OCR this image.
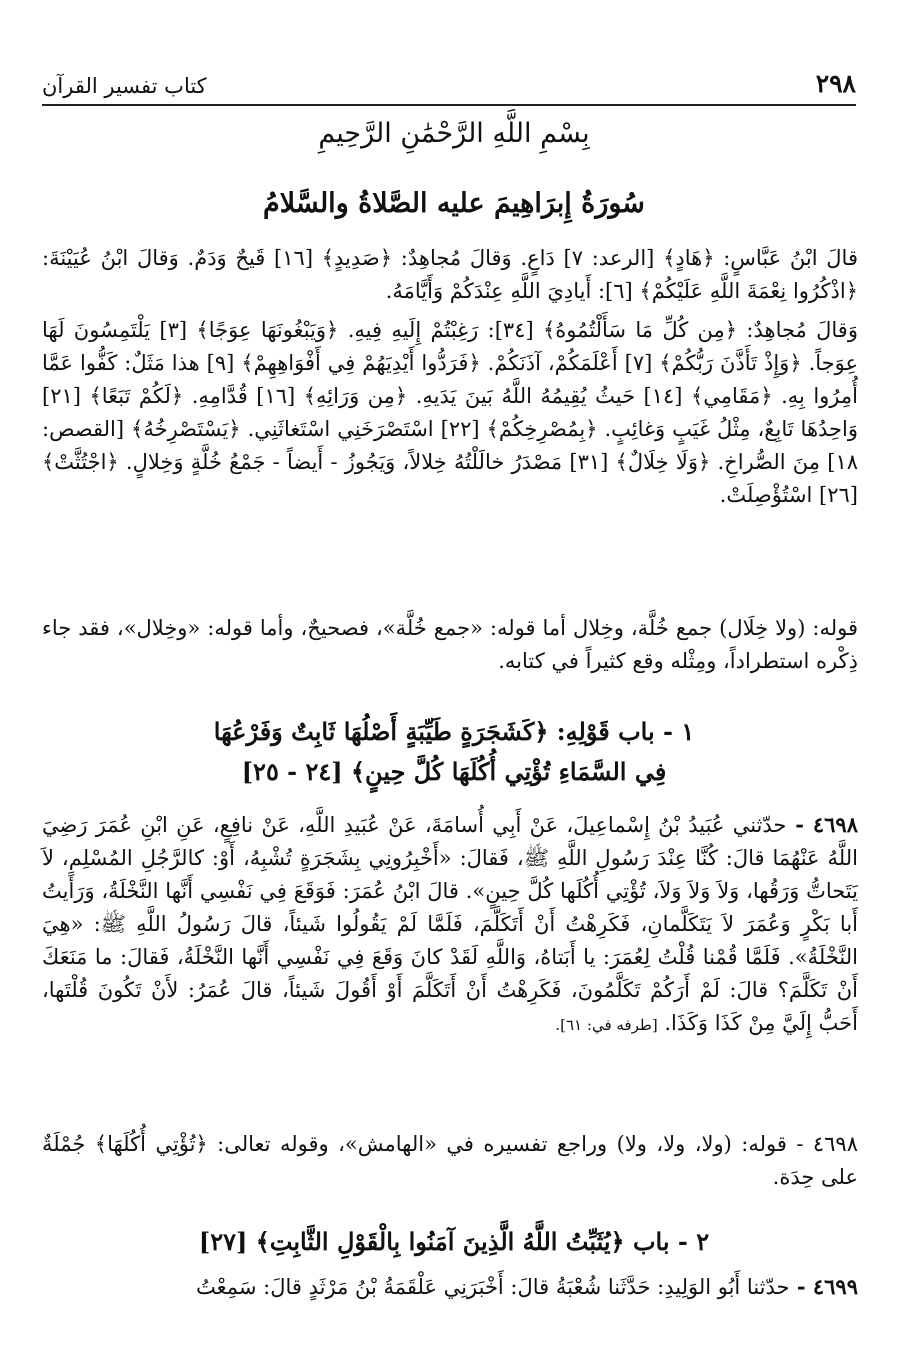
٢٩٨
كتاب تفسير القرآن
بِسْمِ اللَّهِ الرَّحْمَٰنِ الرَّحِيمِ
سُورَةُ إِبرَاهِيمَ عليه الصَّلاةُ والسَّلامُ

قالَ ابْنُ عَبَّاسٍ: ﴿هَادٍ﴾ [الرعد: ٧] دَاعٍ. وَقالَ مُجاهِدٌ: ﴿صَدِيدٍ﴾ [١٦] قَيحٌ وَدَمٌ. وَقالَ ابْنُ عُيَيْنَةَ: ﴿اذْكُرُوا نِعْمَةَ اللَّهِ عَلَيْكُمْ﴾ [٦]: أَيادِيَ اللَّهِ عِنْدَكُمْ وَأَيَّامَهُ.

وَقالَ مُجاهِدٌ: ﴿مِن كُلِّ مَا سَأَلْتُمُوهُ﴾ [٣٤]: رَغِبْتُمْ إِلَيهِ فِيهِ. ﴿وَيَبْغُونَهَا عِوَجًا﴾ [٣] يَلْتَمِسُونَ لَهَا عِوَجاً. ﴿وَإِذْ تَأَذَّنَ رَبُّكُمْ﴾ [٧] أَعْلَمَكُمْ، آذَنَكُمْ. ﴿فَرَدُّوا أَيْدِيَهُمْ فِي أَفْوَاهِهِمْ﴾ [٩] هذا مَثَلٌ: كَفُّوا عَمَّا أُمِرُوا بِهِ. ﴿مَقَامِي﴾ [١٤] حَيثُ يُقِيمُهُ اللَّهُ بَينَ يَدَيهِ. ﴿مِن وَرَائِهِ﴾ [١٦] قُدَّامِهِ. ﴿لَكُمْ تَبَعًا﴾ [٢١] وَاحِدُهَا تَابِعٌ، مِثْلُ غَيَبٍ وَغائِبٍ. ﴿بِمُصْرِخِكُمْ﴾ [٢٢] اسْتَصْرَخَنِي اسْتَغاثَنِي. ﴿يَسْتَصْرِخُهُ﴾ [القصص: ١٨] مِنَ الصُّراخِ. ﴿وَلَا خِلَالٌ﴾ [٣١] مَصْدَرُ خالَلْتُهُ خِلالاً، وَيَجُوزُ - أَيضاً - جَمْعُ خُلَّةٍ وَخِلالٍ. ﴿اجْتُثَّتْ﴾ [٢٦] اسْتُؤْصِلَتْ.

قوله: (ولا خِلَال) جمع خُلَّة، وخِلال أما قوله: «جمع خُلَّة»، فصحيحٌ، وأما قوله: «وخِلال»، فقد جاء ذِكْره استطراداً، ومِثْله وقع كثيراً في كتابه.

١ - باب قَوْلِهِ: ﴿كَشَجَرَةٍ طَيِّبَةٍ أَصْلُهَا ثَابِتٌ وَفَرْعُهَا
فِي السَّمَاءِ تُؤْتِي أُكُلَهَا كُلَّ حِينٍ﴾ [٢٤ - ٢٥]

٤٦٩٨ - حدّثني عُبَيدُ بْنُ إِسْماعِيلَ، عَنْ أَبِي أُسامَةَ، عَنْ عُبَيدِ اللَّهِ، عَنْ نافِعٍ، عَنِ ابْنِ عُمَرَ رَضِيَ اللَّهُ عَنْهُمَا قالَ: كُنَّا عِنْدَ رَسُولِ اللَّهِ ﷺ، فَقالَ: «أَخْبِرُونِي بِشَجَرَةٍ تُشْبِهُ، أَوْ: كالرَّجُلِ المُسْلِمِ، لاَ يَتَحاتُّ وَرَقُها، وَلاَ وَلاَ وَلاَ، تُؤْتِي أُكُلَها كُلَّ حِينٍ». قالَ ابْنُ عُمَرَ: فَوَقَعَ فِي نَفْسِي أَنَّها النَّخْلَةُ، وَرَأَيتُ أَبا بَكْرٍ وَعُمَرَ لاَ يَتَكَلَّمانِ، فَكَرِهْتُ أَنْ أَتَكَلَّمَ، فَلَمَّا لَمْ يَقُولُوا شَيئاً، قالَ رَسُولُ اللَّهِ ﷺ: «هِيَ النَّخْلَةُ». فَلَمَّا قُمْنا قُلْتُ لِعُمَرَ: يا أَبَتاهُ، وَاللَّهِ لَقَدْ كانَ وَقَعَ فِي نَفْسِي أَنَّها النَّخْلَةُ، فَقالَ: ما مَنَعَكَ أَنْ تَكَلَّمَ؟ قالَ: لَمْ أَرَكُمْ تَكَلَّمُونَ، فَكَرِهْتُ أَنْ أَتَكَلَّمَ أَوْ أَقُولَ شَيئاً، قالَ عُمَرُ: لأَنْ تَكُونَ قُلْتَها، أَحَبُّ إِلَيَّ مِنْ كَذَا وَكَذَا. [طرفه في: ٦١].

٤٦٩٨ - قوله: (ولا، ولا، ولا) وراجع تفسيره في «الهامش»، وقوله تعالى: ﴿تُؤْتِي أُكُلَهَا﴾ جُمْلَةٌ على حِدَة.

٢ - باب ﴿يُثَبِّتُ اللَّهُ الَّذِينَ آمَنُوا بِالْقَوْلِ الثَّابِتِ﴾ [٢٧]

٤٦٩٩ - حدّثنا أَبُو الوَلِيدِ: حَدَّثَنا شُعْبَةُ قالَ: أَخْبَرَنِي عَلْقَمَةُ بْنُ مَرْثَدٍ قالَ: سَمِعْتُ
